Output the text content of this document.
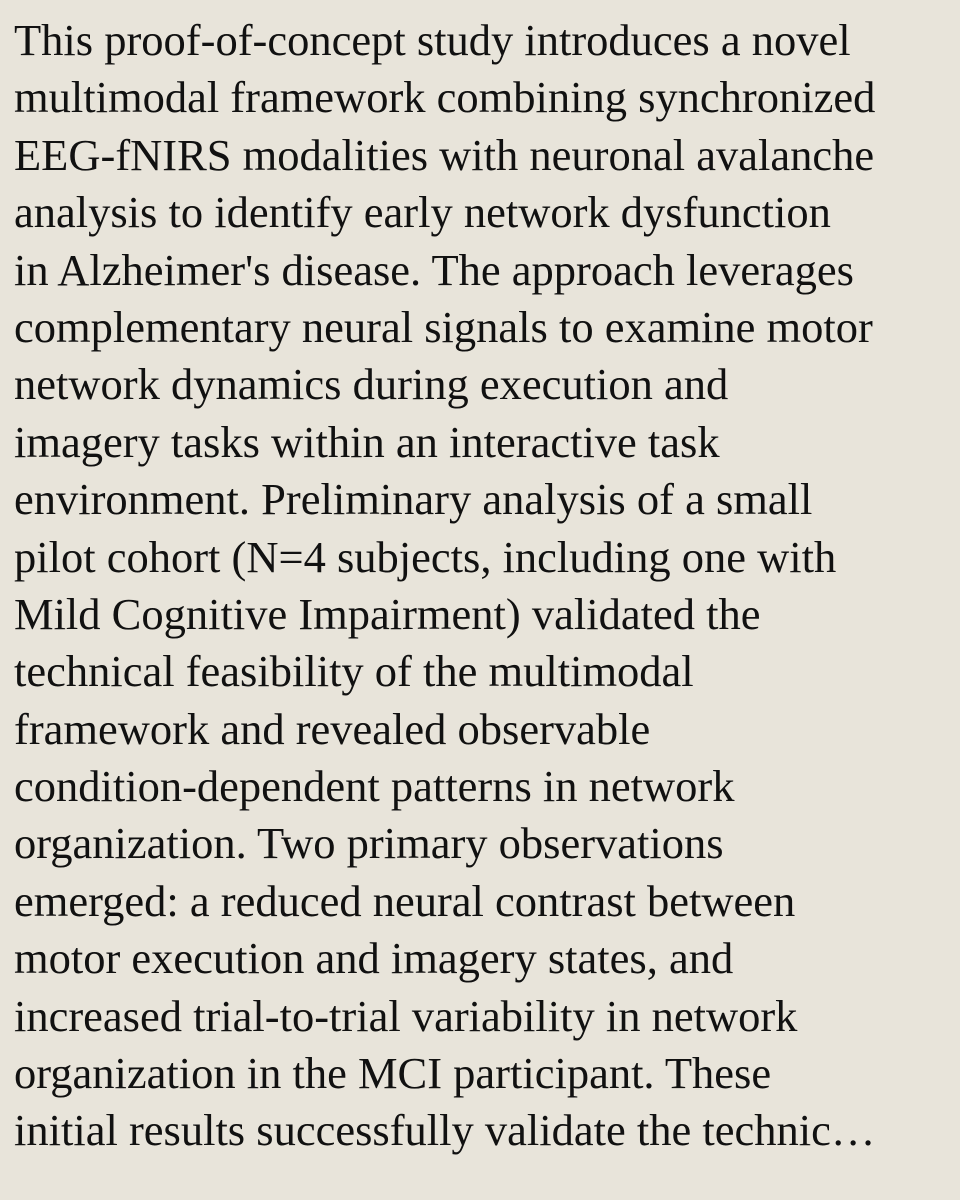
This proof-of-concept study introduces a novel
multimodal framework combining synchronized
EEG-fNIRS modalities with neuronal avalanche
analysis to identify early network dysfunction
in Alzheimer's disease. The approach leverages
complementary neural signals to examine motor
network dynamics during execution and
imagery tasks within an interactive task
environment. Preliminary analysis of a small
pilot cohort (N=4 subjects, including one with
Mild Cognitive Impairment) validated the
technical feasibility of the multimodal
framework and revealed observable
condition-dependent patterns in network
organization. Two primary observations
emerged: a reduced neural contrast between
motor execution and imagery states, and
increased trial-to-trial variability in network
organization in the MCI participant. These
initial results successfully validate the technic…
